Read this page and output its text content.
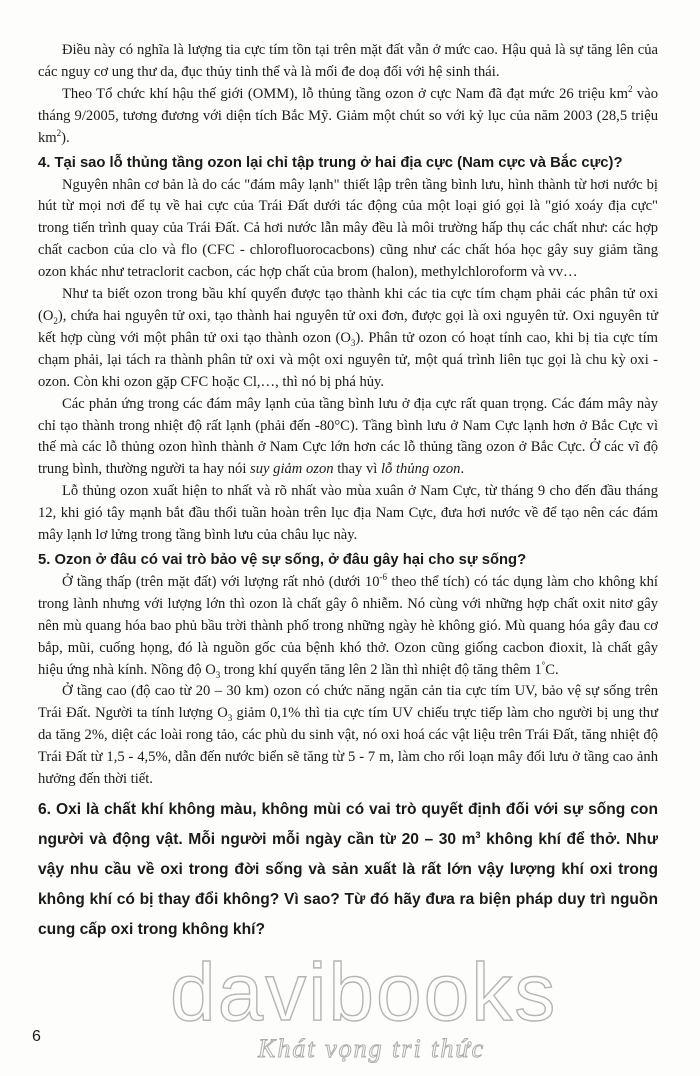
Điều này có nghĩa là lượng tia cực tím tồn tại trên mặt đất vẫn ở mức cao. Hậu quả là sự tăng lên của các nguy cơ ung thư da, đục thủy tinh thể và là mối đe doạ đối với hệ sinh thái.

Theo Tổ chức khí hậu thế giới (OMM), lỗ thủng tầng ozon ở cực Nam đã đạt mức 26 triệu $km^2$ vào tháng 9/2005, tương đương với diện tích Bắc Mỹ. Giảm một chút so với kỷ lục của năm 2003 (28,5 triệu $km^2$).

4. Tại sao lỗ thủng tầng ozon lại chỉ tập trung ở hai địa cực (Nam cực và Bắc cực)?

Nguyên nhân cơ bản là do các "đám mây lạnh" thiết lập trên tầng bình lưu, hình thành từ hơi nước bị hút từ mọi nơi để tụ về hai cực của Trái Đất dưới tác động của một loại gió gọi là "gió xoáy địa cực" trong tiến trình quay của Trái Đất. Cả hơi nước lẫn mây đều là môi trường hấp thụ các chất như: các hợp chất cacbon của clo và flo (CFC - chlorofluorocacbons) cũng như các chất hóa học gây suy giảm tầng ozon khác như tetraclorit cacbon, các hợp chất của brom (halon), methylchloroform và vv…

Như ta biết ozon trong bầu khí quyển được tạo thành khi các tia cực tím chạm phải các phân tử oxi $(O_2)$, chứa hai nguyên tử oxi, tạo thành hai nguyên tử oxi đơn, được gọi là oxi nguyên tử. Oxi nguyên tử kết hợp cùng với một phân tử oxi tạo thành ozon $(O_3)$. Phân tử ozon có hoạt tính cao, khi bị tia cực tím chạm phải, lại tách ra thành phân tử oxi và một oxi nguyên tử, một quá trình liên tục gọi là chu kỳ oxi - ozon. Còn khi ozon gặp CFC hoặc Cl,…, thì nó bị phá hủy.

Các phản ứng trong các đám mây lạnh của tầng bình lưu ở địa cực rất quan trọng. Các đám mây này chỉ tạo thành trong nhiệt độ rất lạnh (phải đến -80°C). Tầng bình lưu ở Nam Cực lạnh hơn ở Bắc Cực vì thế mà các lỗ thủng ozon hình thành ở Nam Cực lớn hơn các lỗ thủng tầng ozon ở Bắc Cực. Ở các vĩ độ trung bình, thường người ta hay nói suy giảm ozon thay vì lỗ thủng ozon.

Lỗ thủng ozon xuất hiện to nhất và rõ nhất vào mùa xuân ở Nam Cực, từ tháng 9 cho đến đầu tháng 12, khi gió tây mạnh bắt đầu thổi tuần hoàn trên lục địa Nam Cực, đưa hơi nước về để tạo nên các đám mây lạnh lơ lửng trong tầng bình lưu của châu lục này.

5. Ozon ở đâu có vai trò bảo vệ sự sống, ở đâu gây hại cho sự sống?

Ở tầng thấp (trên mặt đất) với lượng rất nhỏ (dưới $10^{-6}$ theo thể tích) có tác dụng làm cho không khí trong lành nhưng với lượng lớn thì ozon là chất gây ô nhiễm. Nó cùng với những hợp chất oxit nitơ gây nên mù quang hóa bao phủ bầu trời thành phố trong những ngày hè không gió. Mù quang hóa gây đau cơ bắp, mũi, cuống họng, đó là nguồn gốc của bệnh khó thở. Ozon cũng giống cacbon đioxit, là chất gây hiệu ứng nhà kính. Nồng độ $O_3$ trong khí quyển tăng lên 2 lần thì nhiệt độ tăng thêm 1°C.

Ở tầng cao (độ cao từ 20 – 30 km) ozon có chức năng ngăn cản tia cực tím UV, bảo vệ sự sống trên Trái Đất. Người ta tính lượng $O_3$ giảm 0,1% thì tia cực tím UV chiếu trực tiếp làm cho người bị ung thư da tăng 2%, diệt các loài rong tảo, các phù du sinh vật, nó oxi hoá các vật liệu trên Trái Đất, tăng nhiệt độ Trái Đất từ 1,5 - 4,5%, dẫn đến nước biển sẽ tăng từ 5 - 7 m, làm cho rối loạn mây đối lưu ở tầng cao ảnh hưởng đến thời tiết.

6. Oxi là chất khí không màu, không mùi có vai trò quyết định đối với sự sống con người và động vật. Mỗi người mỗi ngày cần từ 20 – 30 $m^3$ không khí để thở. Như vậy nhu cầu về oxi trong đời sống và sản xuất là rất lớn vậy lượng khí oxi trong không khí có bị thay đổi không? Vì sao? Từ đó hãy đưa ra biện pháp duy trì nguồn cung cấp oxi trong không khí?
davibooks
Khát vọng tri thức
6
